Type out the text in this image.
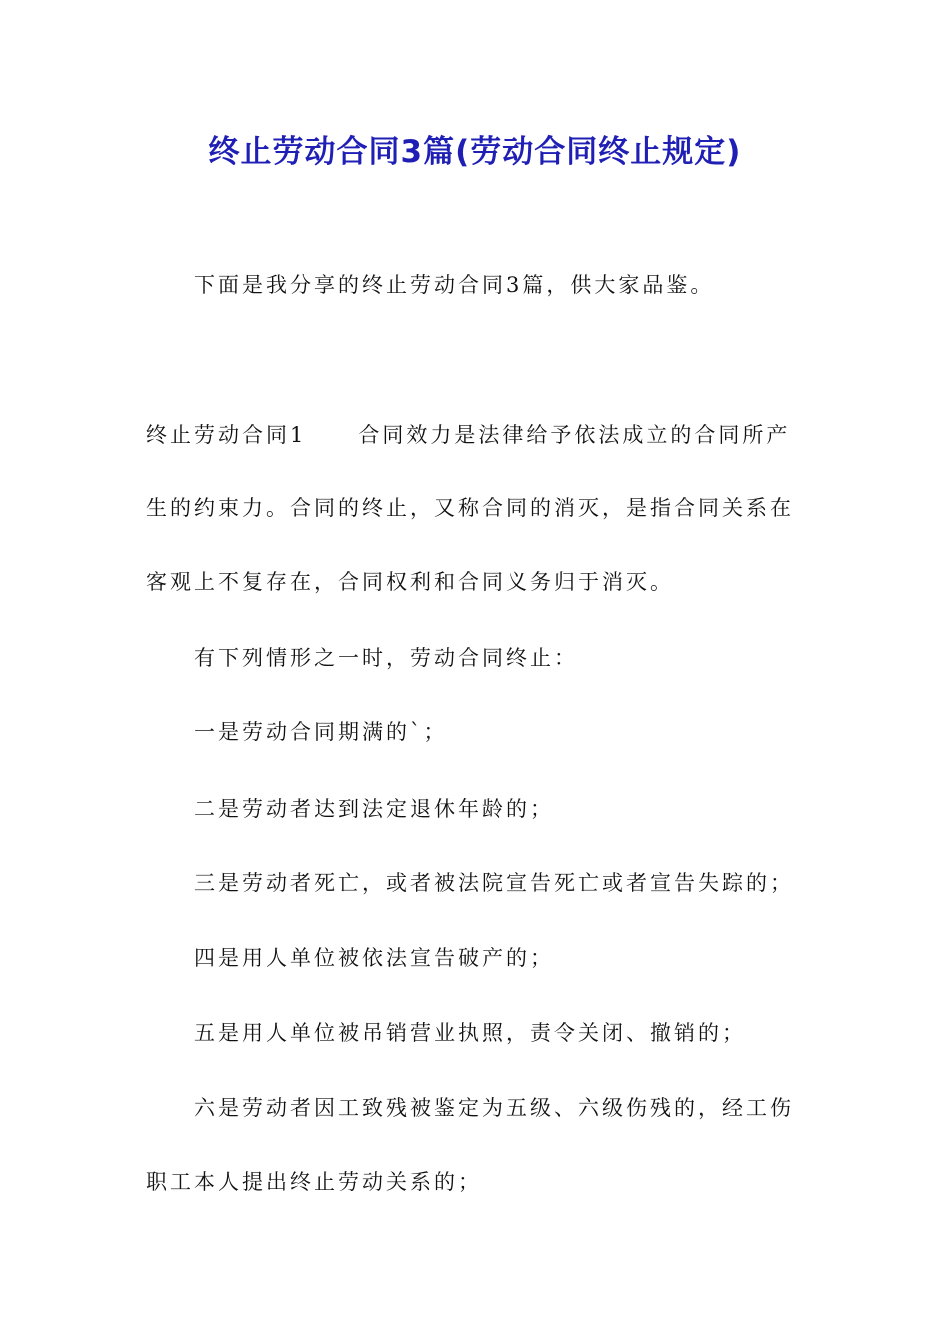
终止劳动合同3篇(劳动合同终止规定)

下面是我分享的终止劳动合同3篇，供大家品鉴。

终止劳动合同1 合同效力是法律给予依法成立的合同所产

生的约束力。合同的终止，又称合同的消灭，是指合同关系在

客观上不复存在，合同权利和合同义务归于消灭。

有下列情形之一时，劳动合同终止：

一是劳动合同期满的`；

二是劳动者达到法定退休年龄的；

三是劳动者死亡，或者被法院宣告死亡或者宣告失踪的；

四是用人单位被依法宣告破产的；

五是用人单位被吊销营业执照，责令关闭、撤销的；

六是劳动者因工致残被鉴定为五级、六级伤残的，经工伤

职工本人提出终止劳动关系的；
